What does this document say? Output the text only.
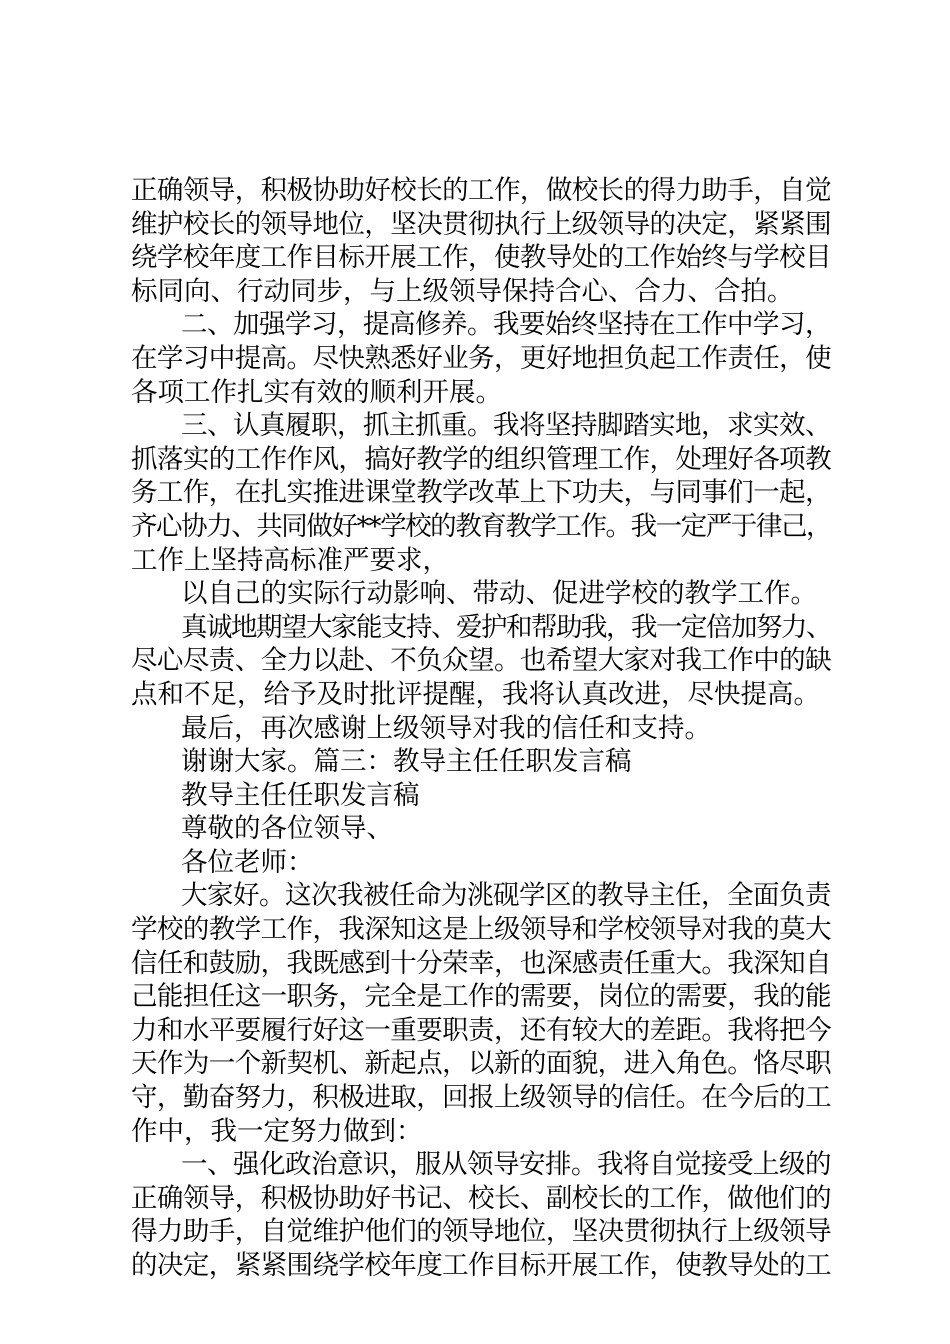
正确领导，积极协助好校长的工作，做校长的得力助手，自觉
维护校长的领导地位，坚决贯彻执行上级领导的决定，紧紧围
绕学校年度工作目标开展工作，使教导处的工作始终与学校目
标同向、行动同步，与上级领导保持合心、合力、合拍。
二、加强学习，提高修养。我要始终坚持在工作中学习，
在学习中提高。尽快熟悉好业务，更好地担负起工作责任，使
各项工作扎实有效的顺利开展。
三、认真履职，抓主抓重。我将坚持脚踏实地，求实效、
抓落实的工作作风，搞好教学的组织管理工作，处理好各项教
务工作，在扎实推进课堂教学改革上下功夫，与同事们一起，
齐心协力、共同做好**学校的教育教学工作。我一定严于律己，
工作上坚持高标准严要求，
以自己的实际行动影响、带动、促进学校的教学工作。
真诚地期望大家能支持、爱护和帮助我，我一定倍加努力、
尽心尽责、全力以赴、不负众望。也希望大家对我工作中的缺
点和不足，给予及时批评提醒，我将认真改进，尽快提高。
最后，再次感谢上级领导对我的信任和支持。
谢谢大家。篇三：教导主任任职发言稿
教导主任任职发言稿
尊敬的各位领导、
各位老师：
大家好。这次我被任命为洮砚学区的教导主任，全面负责
学校的教学工作，我深知这是上级领导和学校领导对我的莫大
信任和鼓励，我既感到十分荣幸，也深感责任重大。我深知自
己能担任这一职务，完全是工作的需要，岗位的需要，我的能
力和水平要履行好这一重要职责，还有较大的差距。我将把今
天作为一个新契机、新起点，以新的面貌，进入角色。恪尽职
守，勤奋努力，积极进取，回报上级领导的信任。在今后的工
作中，我一定努力做到：
一、强化政治意识，服从领导安排。我将自觉接受上级的
正确领导，积极协助好书记、校长、副校长的工作，做他们的
得力助手，自觉维护他们的领导地位，坚决贯彻执行上级领导
的决定，紧紧围绕学校年度工作目标开展工作，使教导处的工
